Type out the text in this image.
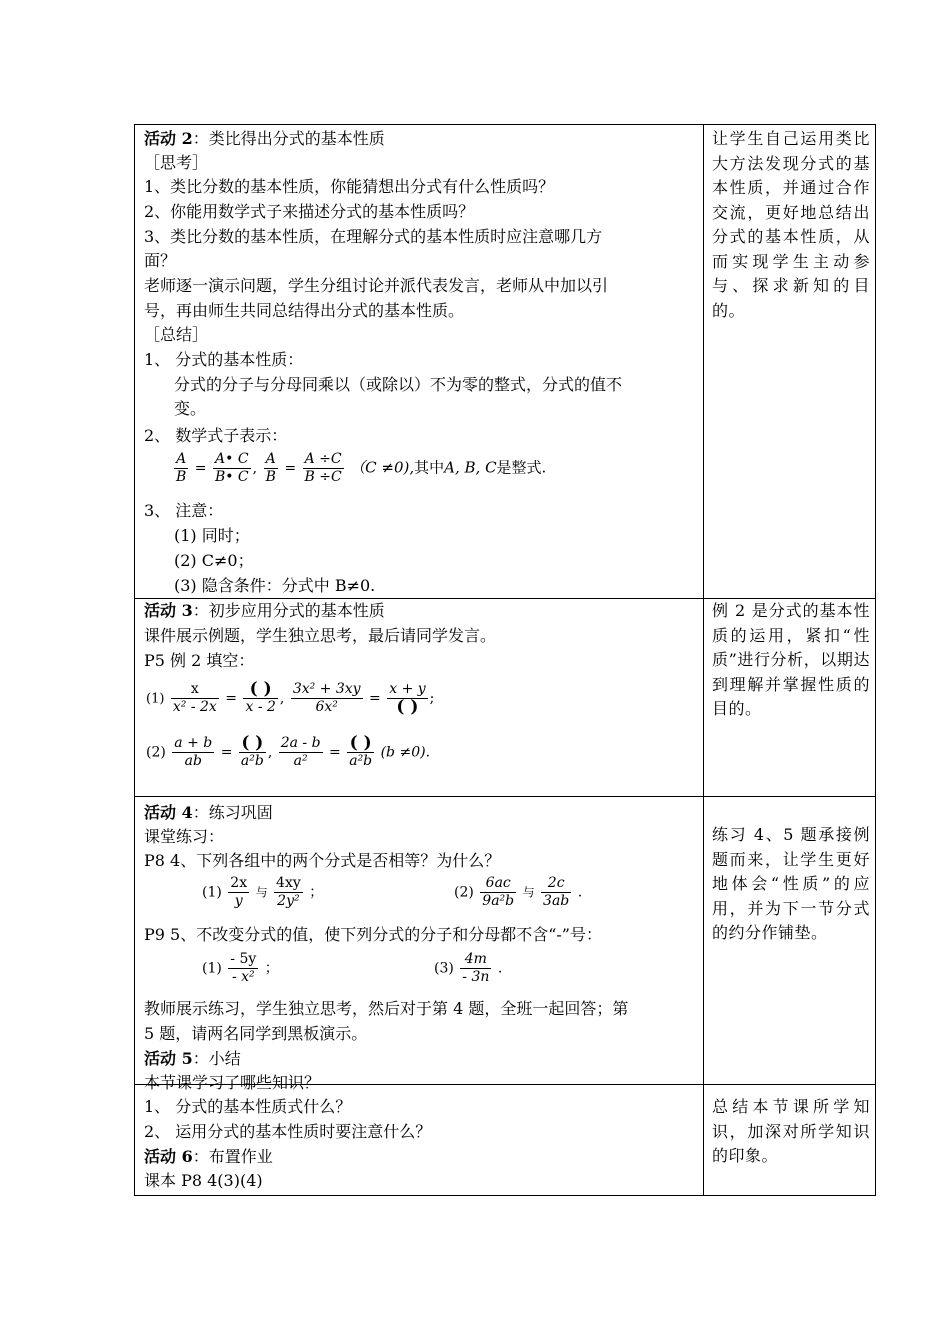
活动 2：类比得出分式的基本性质
［思考］
1、类比分数的基本性质，你能猜想出分式有什么性质吗？
2、你能用数学式子来描述分式的基本性质吗？
3、类比分数的基本性质，在理解分式的基本性质时应注意哪几方
面？
老师逐一演示问题，学生分组讨论并派代表发言，老师从中加以引
号，再由师生共同总结得出分式的基本性质。
［总结］
1、 分式的基本性质：
分式的分子与分母同乘以（或除以）不为零的整式，分式的值不
变。
2、 数学式子表示：
$\frac{A}{B} = \frac{A• C}{B• C}$ , $\frac{A}{B} = \frac{A \div C}{B \div C} (C \ne 0)$,其中A, B, C是整式.
3、 注意：
(1) 同时；
(2) C≠0；
(3) 隐含条件：分式中 B≠0.
活动 3：初步应用分式的基本性质
课件展示例题，学生独立思考，最后请同学发言。
P5 例 2 填空：
$(1) \frac{x}{\text{x² - 2x}} = \frac{( )}{x - 2}$ , $\frac{\text{3x² + 3xy}}{\text{6x²}} = \frac{x + y}{( )}$ ;
$(2) \frac{a + b}{ab} = \frac{( )}{\text{a²b}}$ , $\frac{2a - b}{\text{a²}} = \frac{( )}{\text{a²b}} (b \ne 0)$.
活动 4：练习巩固
课堂练习：
P8 4、下列各组中的两个分式是否相等？为什么？
$(1) \frac{2x}{y}$ 与 $\frac{4xy}{\text{2y²}}$ ；	$(2) \frac{6ac}{\text{9a²b}}$ 与 $\frac{2c}{3ab}$ .
P9 5、不改变分式的值，使下列分式的分子和分母都不含“-”号：
$(1) \frac{- 5y}{\text{- x²}}$ ；	$(3) \frac{4m}{- 3n}$ .
教师展示练习，学生独立思考，然后对于第 4 题，全班一起回答；第
5 题，请两名同学到黑板演示。
活动 5：小结
本节课学习了哪些知识？
1、 分式的基本性质式什么？
2、 运用分式的基本性质时要注意什么？
活动 6：布置作业
课本 P8 4(3)(4)
让学生自己运用类比大方法发现分式的基本性质，并通过合作交流，更好地总结出分式的基本性质，从而实现学生主动参与、探求新知的目的。
例 2 是分式的基本性质的运用，紧扣“性质”进行分析，以期达到理解并掌握性质的目的。
练习 4、5 题承接例题而来，让学生更好地体会“性质”的应用，并为下一节分式的约分作铺垫。
总结本节课所学知识，加深对所学知识的印象。
